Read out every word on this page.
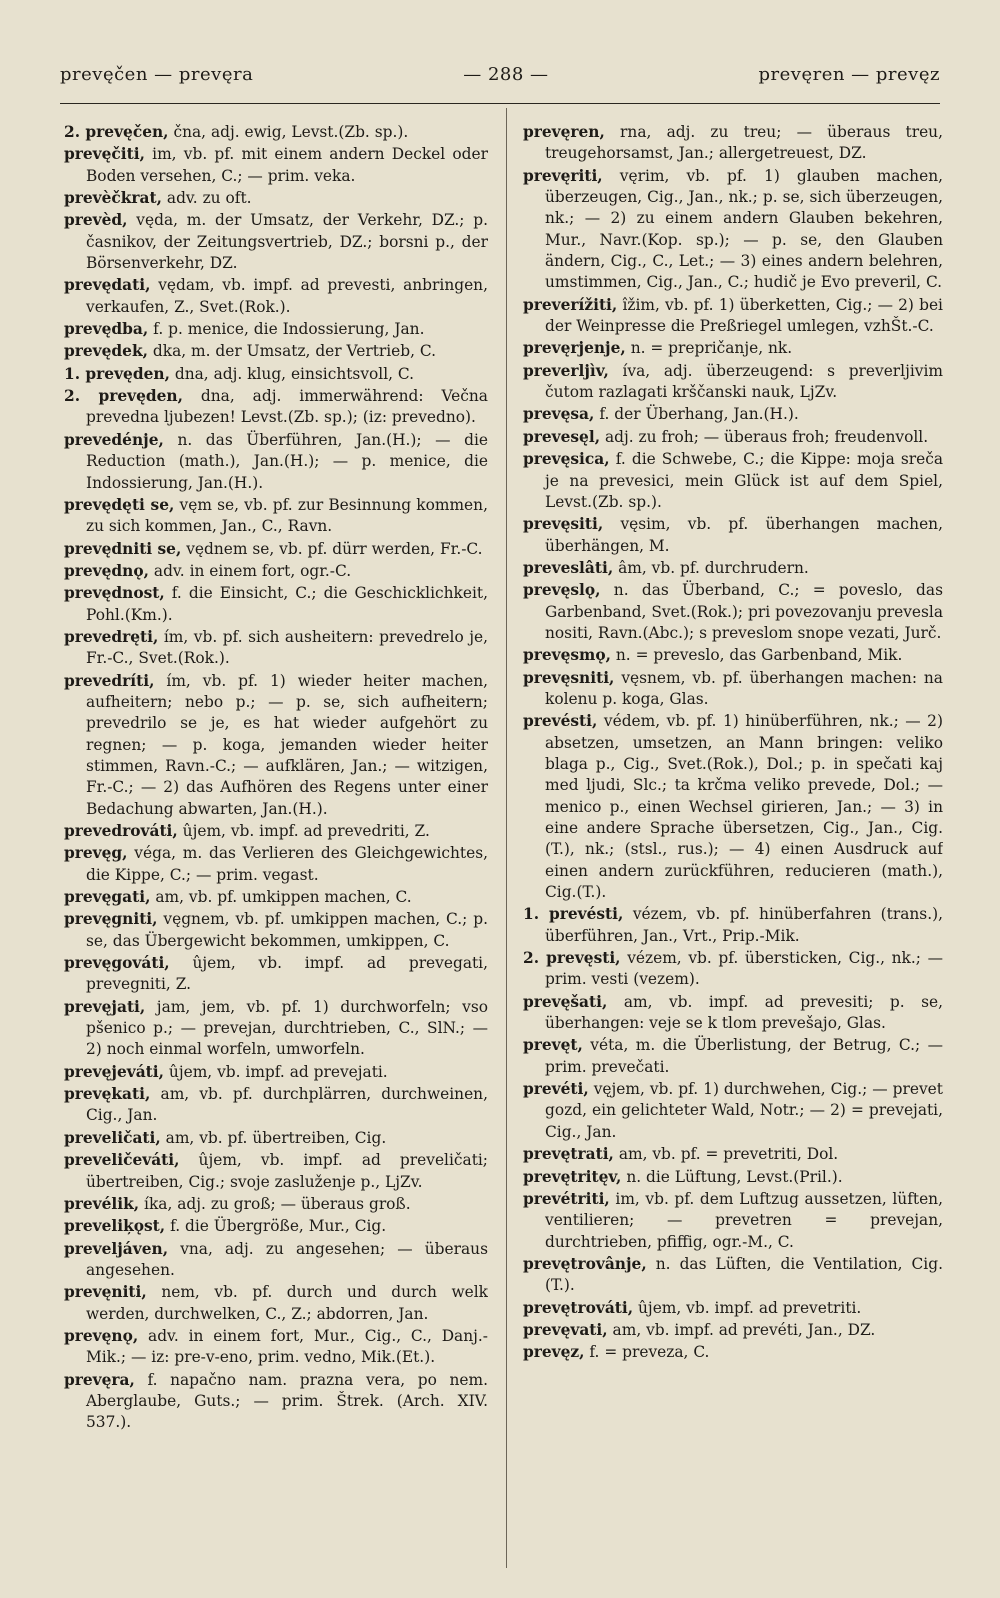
prevęčen — prevęra	— 288 —	prevęren — prevęz

2. prevęčen, čna, adj. ewig, Levst.(Zb. sp.).

prevęčiti, im, vb. pf. mit einem andern Deckel oder Boden versehen, C.; — prim. veka.

prevèčkrat, adv. zu oft.

prevèd, vęda, m. der Umsatz, der Verkehr, DZ.; p. časnikov, der Zeitungsvertrieb, DZ.; borsni p., der Börsenverkehr, DZ.

prevędati, vędam, vb. impf. ad prevesti, anbringen, verkaufen, Z., Svet.(Rok.).

prevędba, f. p. menice, die Indossierung, Jan.

prevędek, dka, m. der Umsatz, der Vertrieb, C.

1. prevęden, dna, adj. klug, einsichtsvoll, C.

2. prevęden, dna, adj. immerwährend: Večna prevedna ljubezen! Levst.(Zb. sp.); (iz: prevedno).

prevedénje, n. das Überführen, Jan.(H.); — die Reduction (math.), Jan.(H.); — p. menice, die Indossierung, Jan.(H.).

prevędęti se, vęm se, vb. pf. zur Besinnung kommen, zu sich kommen, Jan., C., Ravn.

prevędniti se, vędnem se, vb. pf. dürr werden, Fr.-C.

prevędnǫ, adv. in einem fort, ogr.-C.

prevędnost, f. die Einsicht, C.; die Geschicklichkeit, Pohl.(Km.).

prevedręti, ím, vb. pf. sich ausheitern: prevedrelo je, Fr.-C., Svet.(Rok.).

prevedríti, ím, vb. pf. 1) wieder heiter machen, aufheitern; nebo p.; — p. se, sich aufheitern; prevedrilo se je, es hat wieder aufgehört zu regnen; — p. koga, jemanden wieder heiter stimmen, Ravn.-C.; — aufklären, Jan.; — witzigen, Fr.-C.; — 2) das Aufhören des Regens unter einer Bedachung abwarten, Jan.(H.).

prevedrováti, ûjem, vb. impf. ad prevedriti, Z.

prevęg, véga, m. das Verlieren des Gleichgewichtes, die Kippe, C.; — prim. vegast.

prevęgati, am, vb. pf. umkippen machen, C.

prevęgniti, vęgnem, vb. pf. umkippen machen, C.; p. se, das Übergewicht bekommen, umkippen, C.

prevęgováti, ûjem, vb. impf. ad prevegati, prevegniti, Z.

prevęjati, jam, jem, vb. pf. 1) durchworfeln; vso pšenico p.; — prevejan, durchtrieben, C., SlN.; — 2) noch einmal worfeln, umworfeln.

prevęjeváti, ûjem, vb. impf. ad prevejati.

prevękati, am, vb. pf. durchplärren, durchweinen, Cig., Jan.

preveličati, am, vb. pf. übertreiben, Cig.

preveličeváti, ûjem, vb. impf. ad preveličati; übertreiben, Cig.; svoje zasluženje p., LjZv.

prevélik, íka, adj. zu groß; — überaus groß.

preveliķǫst, f. die Übergröße, Mur., Cig.

preveljáven, vna, adj. zu angesehen; — überaus angesehen.

prevęniti, nem, vb. pf. durch und durch welk werden, durchwelken, C., Z.; abdorren, Jan.

prevęnǫ, adv. in einem fort, Mur., Cig., C., Danj.-Mik.; — iz: pre-v-eno, prim. vedno, Mik.(Et.).

prevęra, f. napačno nam. prazna vera, po nem. Aberglaube, Guts.; — prim. Štrek. (Arch. XIV. 537.).

prevęren, rna, adj. zu treu; — überaus treu, treugehorsamst, Jan.; allergetreuest, DZ.

prevęriti, vęrim, vb. pf. 1) glauben machen, überzeugen, Cig., Jan., nk.; p. se, sich überzeugen, nk.; — 2) zu einem andern Glauben bekehren, Mur., Navr.(Kop. sp.); — p. se, den Glauben ändern, Cig., C., Let.; — 3) eines andern belehren, umstimmen, Cig., Jan., C.; hudič je Evo preveril, C.

preverížiti, îžim, vb. pf. 1) überketten, Cig.; — 2) bei der Weinpresse die Preßriegel umlegen, vzhŠt.-C.

prevęrjenje, n. = prepričanje, nk.

preverljìv, íva, adj. überzeugend: s preverljivim čutom razlagati krščanski nauk, LjZv.

prevęsa, f. der Überhang, Jan.(H.).

prevesęl, adj. zu froh; — überaus froh; freudenvoll.

prevęsica, f. die Schwebe, C.; die Kippe: moja sreča je na prevesici, mein Glück ist auf dem Spiel, Levst.(Zb. sp.).

prevęsiti, vęsim, vb. pf. überhangen machen, überhängen, M.

preveslâti, âm, vb. pf. durchrudern.

prevęslǫ, n. das Überband, C.; = poveslo, das Garbenband, Svet.(Rok.); pri povezovanju prevesla nositi, Ravn.(Abc.); s preveslom snope vezati, Jurč.

prevęsmǫ, n. = preveslo, das Garbenband, Mik.

prevęsniti, vęsnem, vb. pf. überhangen machen: na kolenu p. koga, Glas.

prevésti, védem, vb. pf. 1) hinüberführen, nk.; — 2) absetzen, umsetzen, an Mann bringen: veliko blaga p., Cig., Svet.(Rok.), Dol.; p. in spečati kaj med ljudi, Slc.; ta krčma veliko prevede, Dol.; — menico p., einen Wechsel girieren, Jan.; — 3) in eine andere Sprache übersetzen, Cig., Jan., Cig.(T.), nk.; (stsl., rus.); — 4) einen Ausdruck auf einen andern zurückführen, reducieren (math.), Cig.(T.).

1. prevésti, vézem, vb. pf. hinüberfahren (trans.), überführen, Jan., Vrt., Prip.-Mik.

2. prevęsti, vézem, vb. pf. übersticken, Cig., nk.; — prim. vesti (vezem).

prevęšati, am, vb. impf. ad prevesiti; p. se, überhangen: veje se k tlom prevešajo, Glas.

prevęt, véta, m. die Überlistung, der Betrug, C.; — prim. prevečati.

prevéti, vęjem, vb. pf. 1) durchwehen, Cig.; — prevet gozd, ein gelichteter Wald, Notr.; — 2) = prevejati, Cig., Jan.

prevętrati, am, vb. pf. = prevetriti, Dol.

prevętritęv, n. die Lüftung, Levst.(Pril.).

prevétriti, im, vb. pf. dem Luftzug aussetzen, lüften, ventilieren; — prevetren = prevejan, durchtrieben, pfiffig, ogr.-M., C.

prevętrovânje, n. das Lüften, die Ventilation, Cig.(T.).

prevętrováti, ûjem, vb. impf. ad prevetriti.

prevęvati, am, vb. impf. ad prevéti, Jan., DZ.

prevęz, f. = preveza, C.
